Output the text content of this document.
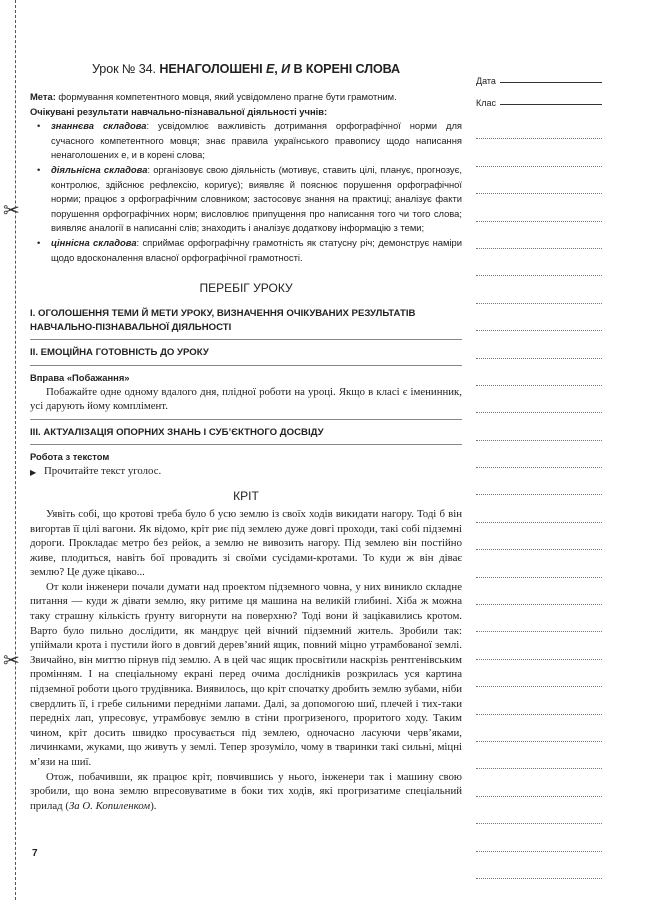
✂
✂
Урок № 34. НЕНАГОЛОШЕНІ Е, И В КОРЕНІ СЛОВА

Мета: формування компетентного мовця, який усвідомлено прагне бути грамотним.

Очікувані результати навчально-пізнавальної діяльності учнів:

•	знаннєва складова: усвідомлює важливість дотримання орфографічної норми для сучасного компетентного мовця; знає правила українського правопису щодо написання ненаголошених е, и в корені слова;
•	діяльнісна складова: організовує свою діяльність (мотивує, ставить цілі, планує, прогнозує, контролює, здійснює рефлексію, коригує); виявляє й пояснює порушення орфографічної норми; працює з орфографічним словником; застосовує знання на практиці; аналізує факти порушення орфографічних норм; висловлює припущення про написання того чи того слова; виявляє аналогії в написанні слів; знаходить і аналізує додаткову інформацію з теми;
•	ціннісна складова: сприймає орфографічну грамотність як статусну річ; демонструє наміри щодо вдосконалення власної орфографічної грамотності.
ПЕРЕБІГ УРОКУ
I. ОГОЛОШЕННЯ ТЕМИ Й МЕТИ УРОКУ, ВИЗНАЧЕННЯ ОЧІКУВАНИХ РЕЗУЛЬТАТІВ НАВЧАЛЬНО-ПІЗНАВАЛЬНОЇ ДІЯЛЬНОСТІ
II. ЕМОЦІЙНА ГОТОВНІСТЬ ДО УРОКУ
Вправа «Побажання»

Побажайте одне одному вдалого дня, плідної роботи на уроці. Якщо в класі є іменинник, усі дарують йому комплімент.

III. АКТУАЛІЗАЦІЯ ОПОРНИХ ЗНАНЬ І СУБ’ЄКТНОГО ДОСВІДУ
Робота з текстом
▶ Прочитайте текст уголос.
КРІТ

Уявіть собі, що кротові треба було б усю землю із своїх ходів викидати нагору. Тоді б він вигортав її цілі вагони. Як відомо, кріт риє під землею дуже довгі проходи, такі собі підземні дороги. Прокладає метро без рейок, а землю не вивозить нагору. Під землею він постійно живе, плодиться, навіть бої провадить зі своїми сусідами-кротами. То куди ж він діває землю? Це дуже цікаво...

От коли інженери почали думати над проектом підземного човна, у них виникло складне питання — куди ж дівати землю, яку ритиме ця машина на великій глибині. Хіба ж можна таку страшну кількість ґрунту вигорнути на поверхню? Тоді вони й зацікавились кротом. Варто було пильно дослідити, як мандрує цей вічний підземний житель. Зробили так: упіймали крота і пустили його в довгий дерев’яний ящик, повний міцно утрамбованої землі. Звичайно, він миттю пірнув під землю. А в цей час ящик просвітили наскрізь рентгенівським промінням. І на спеціальному екрані перед очима дослідників розкрилась уся картина підземної роботи цього трудівника. Виявилось, що кріт спочатку дробить землю зубами, ніби свердлить її, і гребе сильними передніми лапами. Далі, за допомогою шиї, плечей і тих-таки передніх лап, упресовує, утрамбовує землю в стіни прогризеного, прoритого ходу. Таким чином, кріт досить швидко просувається під землею, одночасно ласуючи черв’яками, личинками, жуками, що живуть у землі. Тепер зрозуміло, чому в тваринки такі сильні, міцні м’язи на шиї.

Отож, побачивши, як працює кріт, повчившись у нього, інженери так і машину свою зробили, що вона землю впресовуватиме в боки тих ходів, які прогризатиме спеціальний прилад (За О. Копиленком).

7
Дата
Клас
